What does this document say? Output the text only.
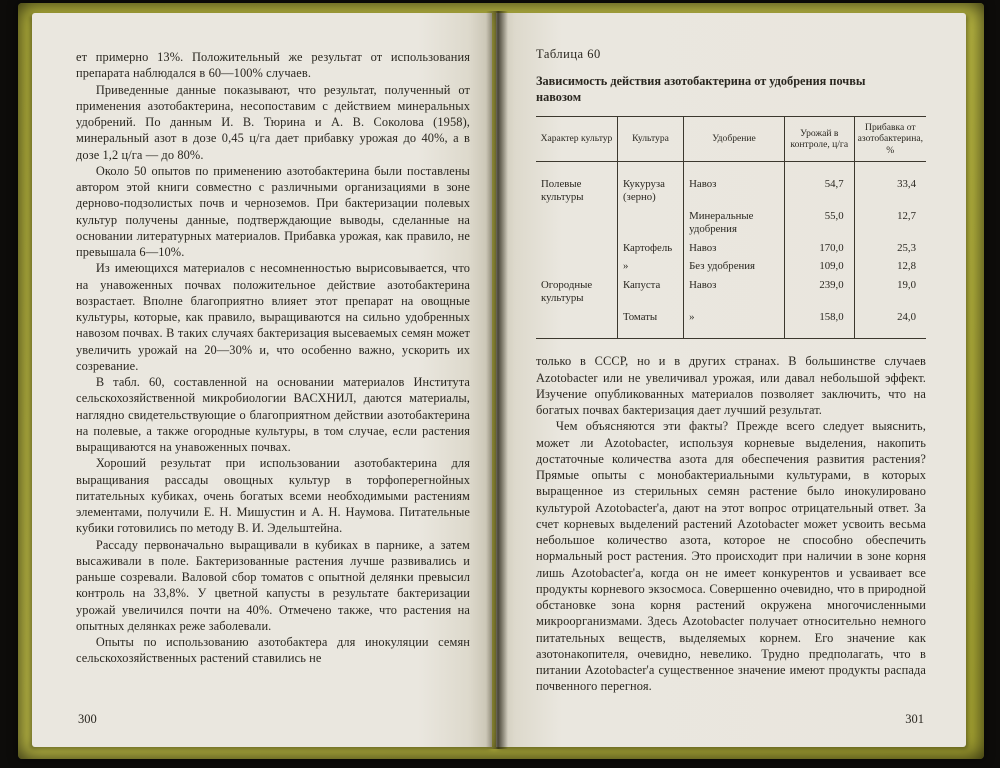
ет примерно 13%. Положительный же результат от использования препарата наблюдался в 60—100% случаев.

Приведенные данные показывают, что результат, полученный от применения азотобактерина, несопоставим с действием минеральных удобрений. По данным И. В. Тюрина и А. В. Соколова (1958), минеральный азот в дозе 0,45 ц/га дает прибавку урожая до 40%, а в дозе 1,2 ц/га — до 80%.

Около 50 опытов по применению азотобактерина были поставлены автором этой книги совместно с различными организациями в зоне дерново-подзолистых почв и черноземов. При бактеризации полевых культур получены данные, подтверждающие выводы, сделанные на основании литературных материалов. Прибавка урожая, как правило, не превышала 6—10%.

Из имеющихся материалов с несомненностью вырисовывается, что на унавоженных почвах положительное действие азотобактерина возрастает. Вполне благоприятно влияет этот препарат на овощные культуры, которые, как правило, выращиваются на сильно удобренных навозом почвах. В таких случаях бактеризация высеваемых семян может увеличить урожай на 20—30% и, что особенно важно, ускорить их созревание.

В табл. 60, составленной на основании материалов Института сельскохозяйственной микробиологии ВАСХНИЛ, даются материалы, наглядно свидетельствующие о благоприятном действии азотобактерина на полевые, а также огородные культуры, в том случае, если растения выращиваются на унавоженных почвах.

Хороший результат при использовании азотобактерина для выращивания рассады овощных культур в торфоперегнойных питательных кубиках, очень богатых всеми необходимыми растениям элементами, получили Е. Н. Мишустин и А. Н. Наумова. Питательные кубики готовились по методу В. И. Эдельштейна.

Рассаду первоначально выращивали в кубиках в парнике, а затем высаживали в поле. Бактеризованные растения лучше развивались и раньше созревали. Валовой сбор томатов с опытной делянки превысил контроль на 33,8%. У цветной капусты в результате бактеризации урожай увеличился почти на 40%. Отмечено также, что растения на опытных делянках реже заболевали.

Опыты по использованию азотобактера для инокуляции семян сельскохозяйственных растений ставились не

300
Таблица 60
Зависимость действия азотобактерина от удобрения почвы навозом
Характер культур	Культура	Удобрение	Урожай в контроле, ц/га	Прибавка от азотобактерина, %
Полевые культуры	Кукуруза (зерно)	Навоз	54,7	33,4
		Минеральные удобрения	55,0	12,7
	Картофель	Навоз	170,0	25,3
	»	Без удобрения	109,0	12,8
Огородные культуры	Капуста	Навоз	239,0	19,0
	Томаты	»	158,0	24,0

только в СССР, но и в других странах. В большинстве случаев Azotobacter или не увеличивал урожая, или давал небольшой эффект. Изучение опубликованных материалов позволяет заключить, что на богатых почвах бактеризация дает лучший результат.

Чем объясняются эти факты? Прежде всего следует выяснить, может ли Azotobacter, используя корневые выделения, накопить достаточные количества азота для обеспечения развития растения? Прямые опыты с монобактериальными культурами, в которых выращенное из стерильных семян растение было инокулировано культурой Azotobacter'a, дают на этот вопрос отрицательный ответ. За счет корневых выделений растений Azotobacter может усвоить весьма небольшое количество азота, которое не способно обеспечить нормальный рост растения. Это происходит при наличии в зоне корня лишь Azotobacter'a, когда он не имеет конкурентов и усваивает все продукты корневого экзосмоса. Совершенно очевидно, что в природной обстановке зона корня растений окружена многочисленными микроорганизмами. Здесь Azotobacter получает относительно немного питательных веществ, выделяемых корнем. Его значение как азотонакопителя, очевидно, невелико. Трудно предполагать, что в питании Azotobacter'a существенное значение имеют продукты распада почвенного перегноя.

301
